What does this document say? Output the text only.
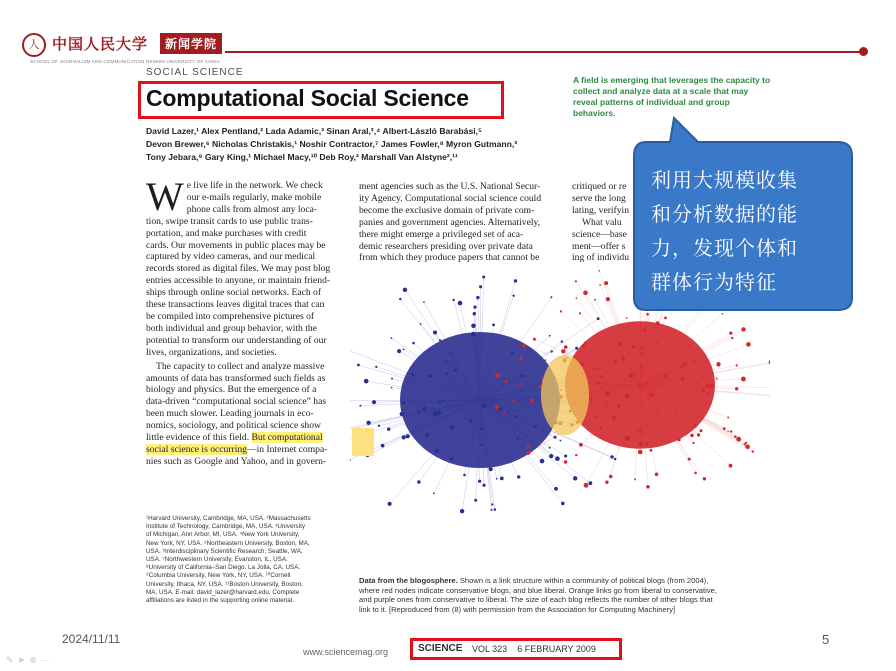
人 中国人民大学	新闻学院
SCHOOL OF JOURNALISM AND COMMUNICATION RENMIN UNIVERSITY OF CHINA
SOCIAL SCIENCE
Computational Social Science
A field is emerging that leverages the capacity to collect and analyze data at a scale that may reveal patterns of individual and group behaviors.
David Lazer,¹ Alex Pentland,² Lada Adamic,³ Sinan Aral,²,⁴ Albert-László Barabási,⁵
Devon Brewer,⁶ Nicholas Christakis,¹ Noshir Contractor,⁷ James Fowler,⁸ Myron Gutmann,³
Tony Jebara,⁹ Gary King,¹ Michael Macy,¹⁰ Deb Roy,² Marshall Van Alstyne²,¹¹

W e live life in the network. We check
our e-mails regularly, make mobile
phone calls from almost any loca-
tion, swipe transit cards to use public trans-
portation, and make purchases with credit
cards. Our movements in public places may be
captured by video cameras, and our medical
records stored as digital files. We may post blog
entries accessible to anyone, or maintain friend-
ships through online social networks. Each of
these transactions leaves digital traces that can
be compiled into comprehensive pictures of
both individual and group behavior, with the
potential to transform our understanding of our
lives, organizations, and societies.

The capacity to collect and analyze massive
amounts of data has transformed such fields as
biology and physics. But the emergence of a
data-driven “computational social science” has
been much slower. Leading journals in eco-
nomics, sociology, and political science show
little evidence of this field. But computational
social science is occurring—in Internet compa-
nies such as Google and Yahoo, and in govern-

ment agencies such as the U.S. National Secur-
ity Agency. Computational social science could
become the exclusive domain of private com-
panies and government agencies. Alternatively,
there might emerge a privileged set of aca-
demic researchers presiding over private data
from which they produce papers that cannot be
critiqued or re
serve the long
lating, verifyin
What valu
science—base
ment—offer s
ing of individu
¹Harvard University, Cambridge, MA, USA. ²Massachusetts
Institute of Technology, Cambridge, MA, USA. ³University
of Michigan, Ann Arbor, MI, USA. ⁴New York University,
New York, NY, USA. ⁵Northeastern University, Boston, MA,
USA. ⁶Interdisciplinary Scientific Research, Seattle, WA,
USA. ⁷Northwestern University, Evanston, IL, USA.
⁸University of California–San Diego, La Jolla, CA, USA.
⁹Columbia University, New York, NY, USA. ¹⁰Cornell
University, Ithaca, NY, USA. ¹¹Boston University, Boston,
MA, USA. E-mail: david_lazer@harvard.edu. Complete
affiliations are listed in the supporting online material.
Data from the blogosphere. Shown is a link structure within a community of political blogs (from 2004),
where red nodes indicate conservative blogs, and blue liberal. Orange links go from liberal to conservative,
and purple ones from conservative to liberal. The size of each blog reflects the number of other blogs that
link to it. [Reproduced from (8) with permission from the Association for Computing Machinery]
www.sciencemag.org	SCIENCE VOL 323    6 FEBRUARY 2009
2024/11/11	5
✎➤⊕⋯
利用大规模收集
和分析数据的能
力，发现个体和
群体行为特征
